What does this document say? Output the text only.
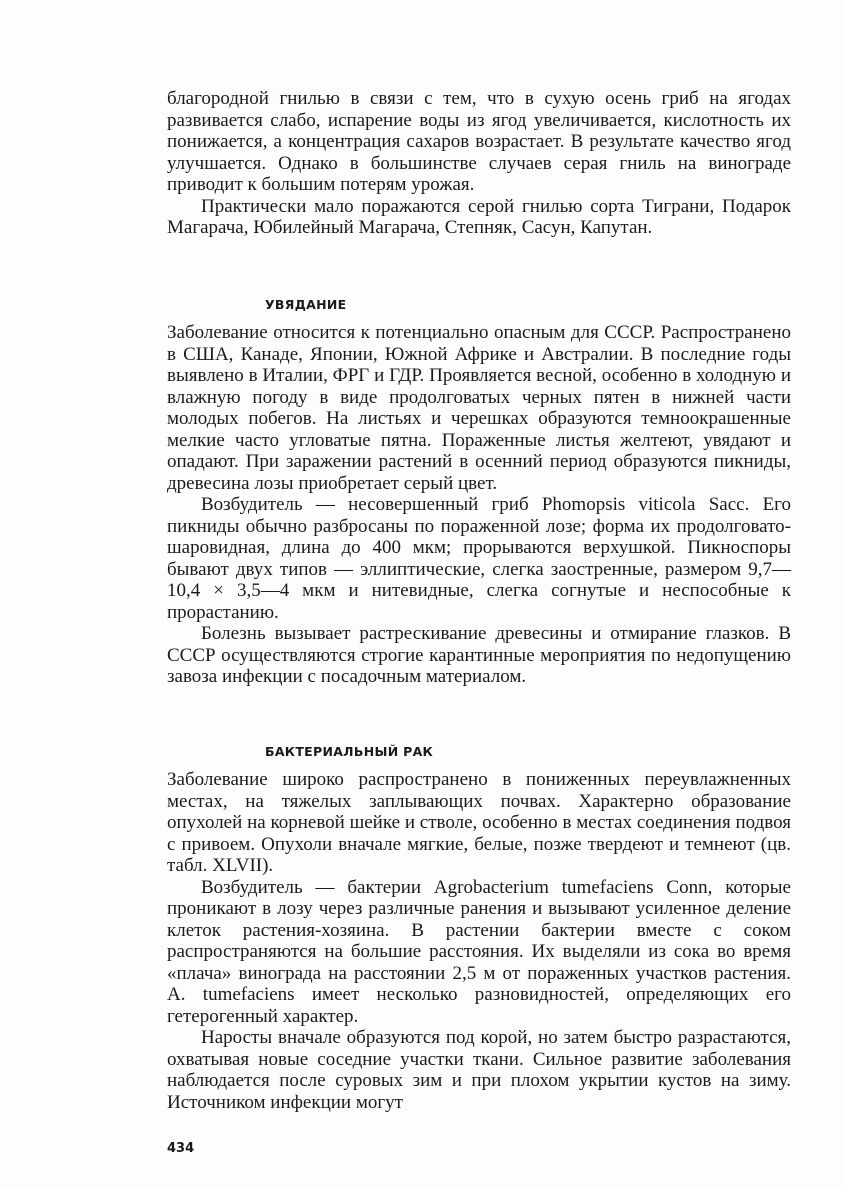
благородной гнилью в связи с тем, что в сухую осень гриб на ягодах развивается слабо, испарение воды из ягод увеличивается, кислотность их понижается, а концентрация сахаров возрастает. В результате качество ягод улучшается. Однако в большинстве случаев серая гниль на винограде приводит к большим потерям урожая.

Практически мало поражаются серой гнилью сорта Тиграни, Подарок Магарача, Юбилейный Магарача, Степняк, Сасун, Капутан.

УВЯДАНИЕ

Заболевание относится к потенциально опасным для СССР. Распространено в США, Канаде, Японии, Южной Африке и Австралии. В последние годы выявлено в Италии, ФРГ и ГДР. Проявляется весной, особенно в холодную и влажную погоду в виде продолговатых черных пятен в нижней части молодых побегов. На листьях и черешках образуются темноокрашенные мелкие часто угловатые пятна. Пораженные листья желтеют, увядают и опадают. При заражении растений в осенний период образуются пикниды, древесина лозы приобретает серый цвет.

Возбудитель — несовершенный гриб Phomopsis viticola Sacc. Его пикниды обычно разбросаны по пораженной лозе; форма их продолговато-шаровидная, длина до 400 мкм; прорываются верхушкой. Пикноспоры бывают двух типов — эллиптические, слегка заостренные, размером 9,7—10,4 × 3,5—4 мкм и нитевидные, слегка согнутые и неспособные к прорастанию.

Болезнь вызывает растрескивание древесины и отмирание глазков. В СССР осуществляются строгие карантинные мероприятия по недопущению завоза инфекции с посадочным материалом.

БАКТЕРИАЛЬНЫЙ РАК

Заболевание широко распространено в пониженных переувлажненных местах, на тяжелых заплывающих почвах. Характерно образование опухолей на корневой шейке и стволе, особенно в местах соединения подвоя с привоем. Опухоли вначале мягкие, белые, позже твердеют и темнеют (цв. табл. XLVII).

Возбудитель — бактерии Agrobacterium tumefaciens Conn, которые проникают в лозу через различные ранения и вызывают усиленное деление клеток растения-хозяина. В растении бактерии вместе с соком распространяются на большие расстояния. Их выделяли из сока во время «плача» винограда на расстоянии 2,5 м от пораженных участков растения. A. tumefaciens имеет несколько разновидностей, определяющих его гетерогенный характер.

Наросты вначале образуются под корой, но затем быстро разрастаются, охватывая новые соседние участки ткани. Сильное развитие заболевания наблюдается после суровых зим и при плохом укрытии кустов на зиму. Источником инфекции могут

434
